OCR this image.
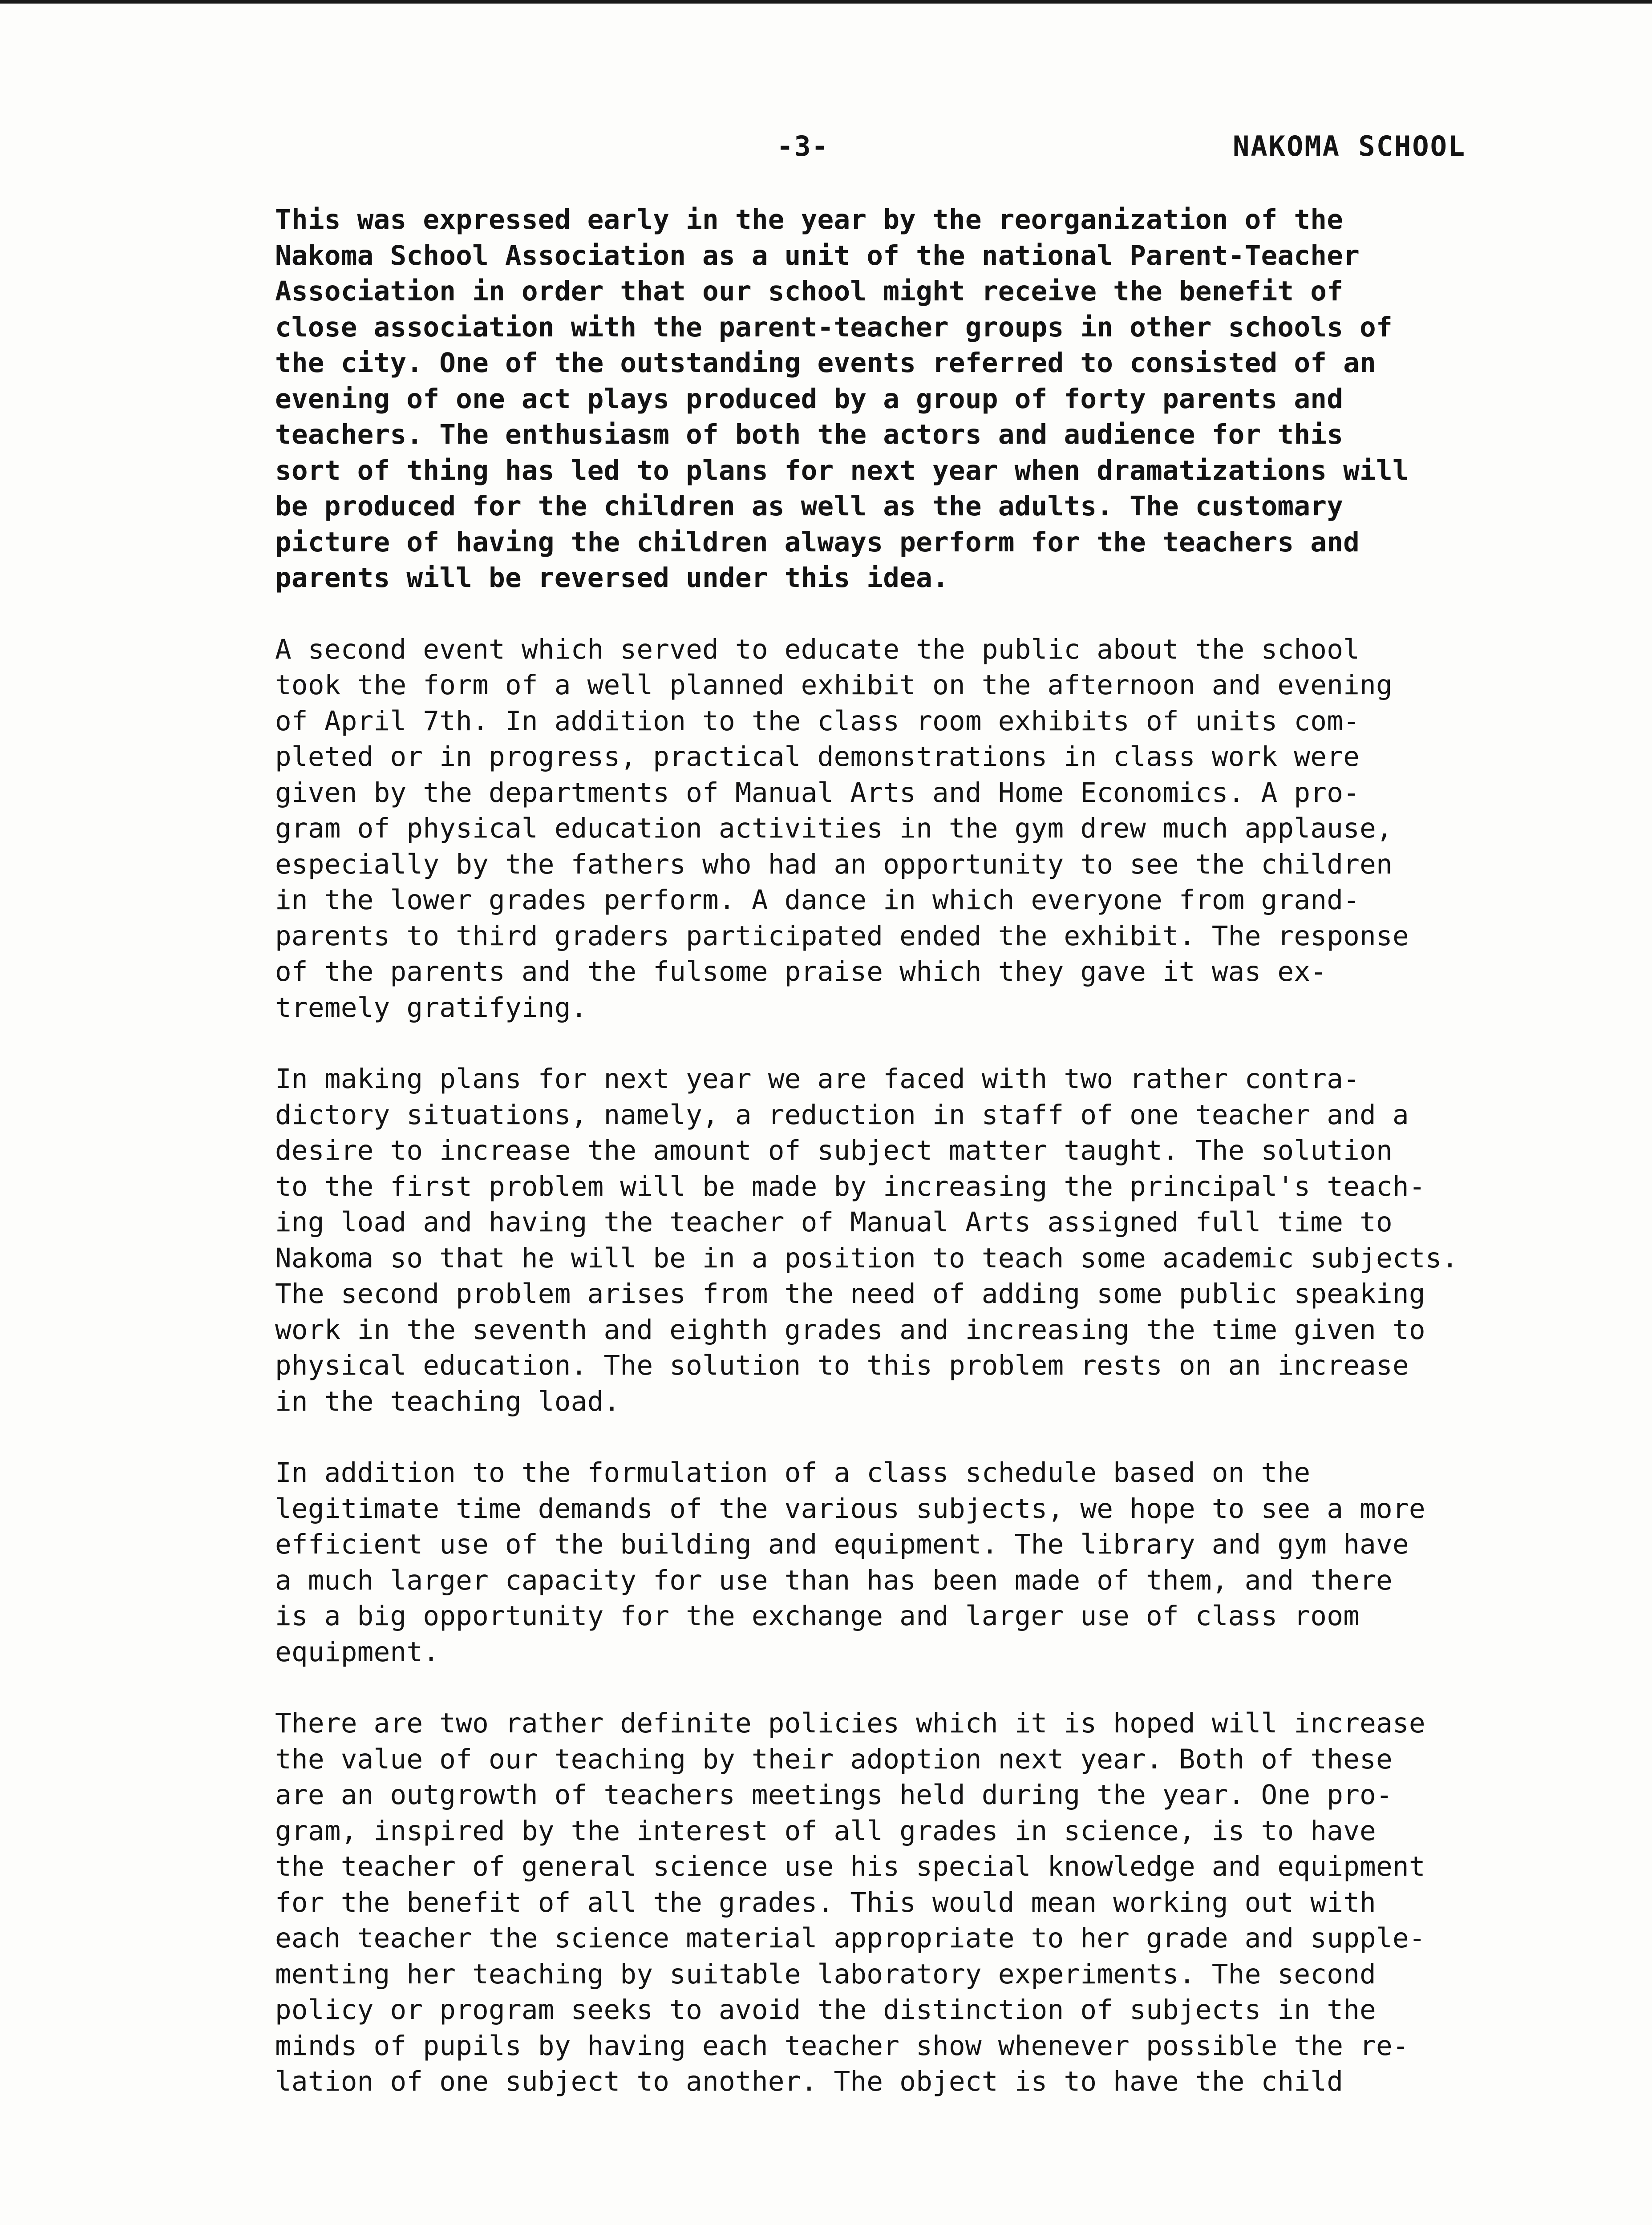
-3-	NAKOMA SCHOOL
This was expressed early in the year by the reorganization of the
Nakoma School Association as a unit of the national Parent-Teacher
Association in order that our school might receive the benefit of
close association with the parent-teacher groups in other schools of
the city. One of the outstanding events referred to consisted of an
evening of one act plays produced by a group of forty parents and
teachers. The enthusiasm of both the actors and audience for this
sort of thing has led to plans for next year when dramatizations will
be produced for the children as well as the adults. The customary
picture of having the children always perform for the teachers and
parents will be reversed under this idea.
A second event which served to educate the public about the school
took the form of a well planned exhibit on the afternoon and evening
of April 7th. In addition to the class room exhibits of units com-
pleted or in progress, practical demonstrations in class work were
given by the departments of Manual Arts and Home Economics. A pro-
gram of physical education activities in the gym drew much applause,
especially by the fathers who had an opportunity to see the children
in the lower grades perform. A dance in which everyone from grand-
parents to third graders participated ended the exhibit. The response
of the parents and the fulsome praise which they gave it was ex-
tremely gratifying.
In making plans for next year we are faced with two rather contra-
dictory situations, namely, a reduction in staff of one teacher and a
desire to increase the amount of subject matter taught. The solution
to the first problem will be made by increasing the principal's teach-
ing load and having the teacher of Manual Arts assigned full time to
Nakoma so that he will be in a position to teach some academic subjects.
The second problem arises from the need of adding some public speaking
work in the seventh and eighth grades and increasing the time given to
physical education. The solution to this problem rests on an increase
in the teaching load.
In addition to the formulation of a class schedule based on the
legitimate time demands of the various subjects, we hope to see a more
efficient use of the building and equipment. The library and gym have
a much larger capacity for use than has been made of them, and there
is a big opportunity for the exchange and larger use of class room
equipment.
There are two rather definite policies which it is hoped will increase
the value of our teaching by their adoption next year. Both of these
are an outgrowth of teachers meetings held during the year. One pro-
gram, inspired by the interest of all grades in science, is to have
the teacher of general science use his special knowledge and equipment
for the benefit of all the grades. This would mean working out with
each teacher the science material appropriate to her grade and supple-
menting her teaching by suitable laboratory experiments. The second
policy or program seeks to avoid the distinction of subjects in the
minds of pupils by having each teacher show whenever possible the re-
lation of one subject to another. The object is to have the child
